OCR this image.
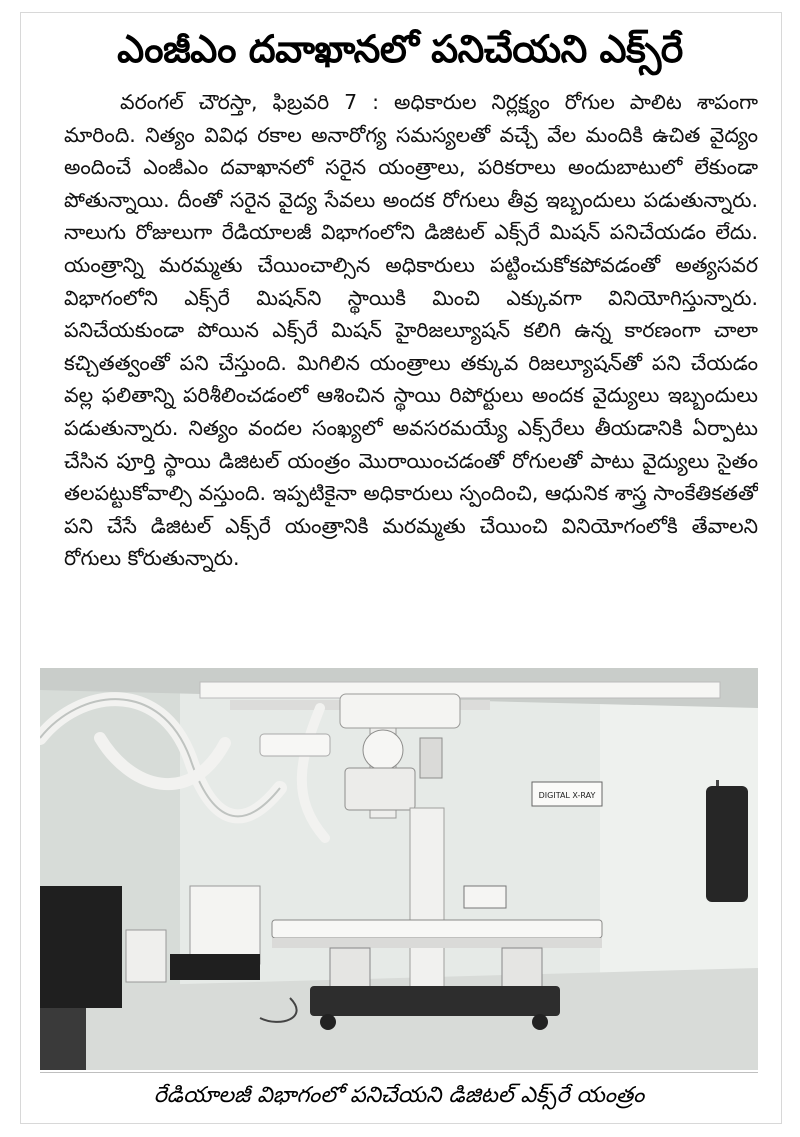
ఎంజీఎం దవాఖానలో పనిచేయని ఎక్స్‌రే
వరంగల్ చౌరస్తా, ఫిబ్రవరి 7 : అధికారుల నిర్లక్ష్యం రోగుల పాలిట శాపంగా మారింది. నిత్యం వివిధ రకాల అనారోగ్య సమస్యలతో వచ్చే వేల మందికి ఉచిత వైద్యం అందించే ఎంజీఎం దవాఖానలో సరైన యంత్రాలు, పరికరాలు అందుబాటులో లేకుండా పోతున్నాయి. దీంతో సరైన వైద్య సేవలు అందక రోగులు తీవ్ర ఇబ్బందులు పడుతున్నారు. నాలుగు రోజులుగా రేడియాలజీ విభాగంలోని డిజిటల్ ఎక్స్‌రే మిషన్ పనిచేయడం లేదు. యంత్రాన్ని మరమ్మతు చేయించాల్సిన అధికారులు పట్టించుకోకపోవడంతో అత్యసవర విభాగంలోని ఎక్స్‌రే మిషన్‌ని స్థాయికి మించి ఎక్కువగా వినియోగిస్తున్నారు. పనిచేయకుండా పోయిన ఎక్స్‌రే మిషన్ హైరిజల్యూషన్ కలిగి ఉన్న కారణంగా చాలా కచ్చితత్వంతో పని చేస్తుంది. మిగిలిన యంత్రాలు తక్కువ రిజల్యూషన్‌తో పని చేయడం వల్ల ఫలితాన్ని పరిశీలించడంలో ఆశించిన స్థాయి రిపోర్టులు అందక వైద్యులు ఇబ్బందులు పడుతున్నారు. నిత్యం వందల సంఖ్యలో అవసరమయ్యే ఎక్స్‌రేలు తీయడానికి ఏర్పాటు చేసిన పూర్తి స్థాయి డిజిటల్ యంత్రం మొరాయించడంతో రోగులతో పాటు వైద్యులు సైతం తలపట్టుకోవాల్సి వస్తుంది. ఇప్పటికైనా అధికారులు స్పందించి, ఆధునిక శాస్త్ర సాంకేతికతతో పని చేసే డిజిటల్ ఎక్స్‌రే యంత్రానికి మరమ్మతు చేయించి వినియోగంలోకి తేవాలని రోగులు కోరుతున్నారు.
DIGITAL X-RAY
రేడియాలజీ విభాగంలో పనిచేయని డిజిటల్ ఎక్స్‌రే యంత్రం
